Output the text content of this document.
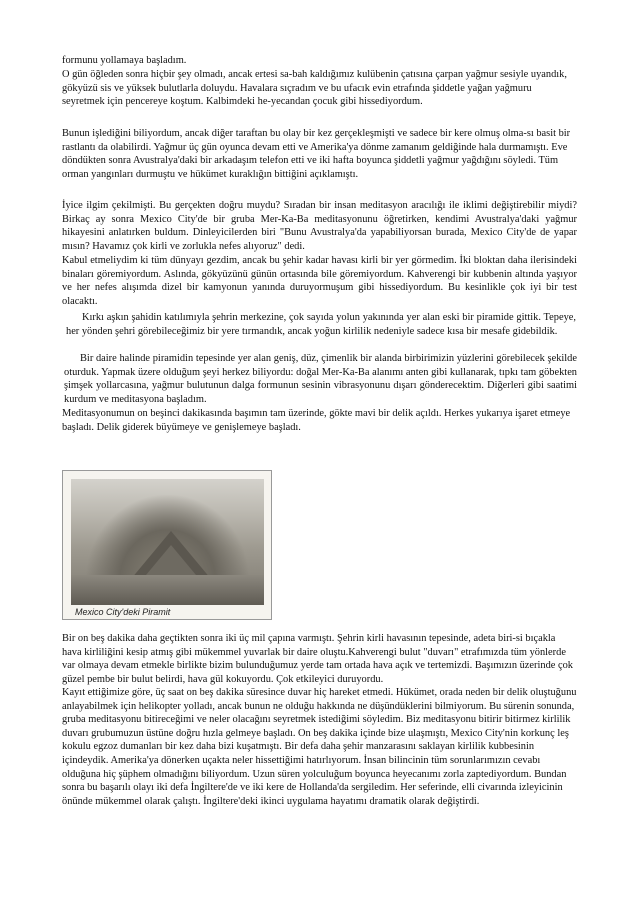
formunu yollamaya başladım.

O gün öğleden sonra hiçbir şey olmadı, ancak ertesi sa-bah kaldığımız kulübenin çatısına çarpan yağmur sesiyle uyandık, gökyüzü sis ve yüksek bulutlarla doluydu. Havalara sıçradım ve bu ufacık evin etrafında şiddetle yağan yağmuru seyretmek için pencereye koştum. Kalbimdeki he-yecandan çocuk gibi hissediyordum.

Bunun işlediğini biliyordum, ancak diğer taraftan bu olay bir kez gerçekleşmişti ve sadece bir kere olmuş olma-sı basit bir rastlantı da olabilirdi. Yağmur üç gün oyunca devam etti ve Amerika'ya dönme zamanım geldiğinde hala durmamıştı. Eve döndükten sonra Avustralya'daki bir arkadaşım telefon etti ve iki hafta boyunca şiddetli yağmur yağdığını söyledi. Tüm orman yangınları durmuştu ve hükümet kuraklığın bittiğini açıklamıştı.

İyice ilgim çekilmişti. Bu gerçekten doğru muydu? Sıradan bir insan meditasyon aracılığı ile iklimi değiştirebilir miydi? Birkaç ay sonra Mexico City'de bir gruba Mer-Ka-Ba meditasyonunu öğretirken, kendimi Avustralya'daki yağmur hikayesini anlatırken buldum. Dinleyicilerden biri "Bunu Avustralya'da yapabiliyorsan burada, Mexico City'de de yapar mısın? Havamız çok kirli ve zorlukla nefes alıyoruz" dedi.

Kabul etmeliydim ki tüm dünyayı gezdim, ancak bu şehir kadar havası kirli bir yer görmedim. İki bloktan daha ilerisindeki binaları göremiyordum. Aslında, gökyüzünü günün ortasında bile göremiyordum. Kahverengi bir kubbenin altında yaşıyor ve her nefes alışımda dizel bir kamyonun yanında duruyormuşum gibi hissediyordum. Bu kesinlikle çok iyi bir test olacaktı.

Kırkı aşkın şahidin katılımıyla şehrin merkezine, çok sayıda yolun yakınında yer alan eski bir piramide gittik. Tepeye, her yönden şehri görebileceğimiz bir yere tırmandık, ancak yoğun kirlilik nedeniyle sadece kısa bir mesafe gidebildik.

Bir daire halinde piramidin tepesinde yer alan geniş, düz, çimenlik bir alanda birbirimizin yüzlerini görebilecek şekilde oturduk. Yapmak üzere olduğum şeyi herkez biliyordu: doğal Mer-Ka-Ba alanımı anten gibi kullanarak, tıpkı tam göbekten şimşek yollarcasına, yağmur bulutunun dalga formunun sesinin vibrasyonunu dışarı gönderecektim. Diğerleri gibi saatimi kurdum ve meditasyona başladım.

Meditasyonumun on beşinci dakikasında başımın tam üzerinde, gökte mavi bir delik açıldı. Herkes yukarıya işaret etmeye başladı. Delik giderek büyümeye ve genişlemeye başladı.

Mexico City'deki Piramit

Bir on beş dakika daha geçtikten sonra iki üç mil çapına varmıştı. Şehrin kirli havasının tepesinde, adeta biri-si bıçakla hava kirliliğini kesip atmış gibi mükemmel yuvarlak bir daire oluştu.Kahverengi bulut "duvarı" etrafımızda tüm yönlerde var olmaya devam etmekle birlikte bizim bulunduğumuz yerde tam ortada hava açık ve tertemizdi. Başımızın üzerinde çok güzel pembe bir bulut belirdi, hava gül kokuyordu. Çok etkileyici duruyordu.

Kayıt ettiğimize göre, üç saat on beş dakika süresince duvar hiç hareket etmedi. Hükümet, orada neden bir delik oluştuğunu anlayabilmek için helikopter yolladı, ancak bunun ne olduğu hakkında ne düşündüklerini bilmiyorum. Bu sürenin sonunda, gruba meditasyonu bitireceğimi ve neler olacağını seyretmek istediğimi söyledim. Biz meditasyonu bitirir bitirmez kirlilik duvarı grubumuzun üstüne doğru hızla gelmeye başladı. On beş dakika içinde bize ulaşmıştı, Mexico City'nin korkunç leş kokulu egzoz dumanları bir kez daha bizi kuşatmıştı. Bir defa daha şehir manzarasını saklayan kirlilik kubbesinin içindeydik. Amerika'ya dönerken uçakta neler hissettiğimi hatırlıyorum. İnsan bilincinin tüm sorunlarımızın cevabı olduğuna hiç şüphem olmadığını biliyordum. Uzun süren yolculuğum boyunca heyecanımı zorla zaptediyordum. Bundan sonra bu başarılı olayı iki defa İngiltere'de ve iki kere de Hollanda'da sergiledim. Her seferinde, elli civarında izleyicinin önünde mükemmel olarak çalıştı. İngiltere'deki ikinci uygulama hayatımı dramatik olarak değiştirdi.
